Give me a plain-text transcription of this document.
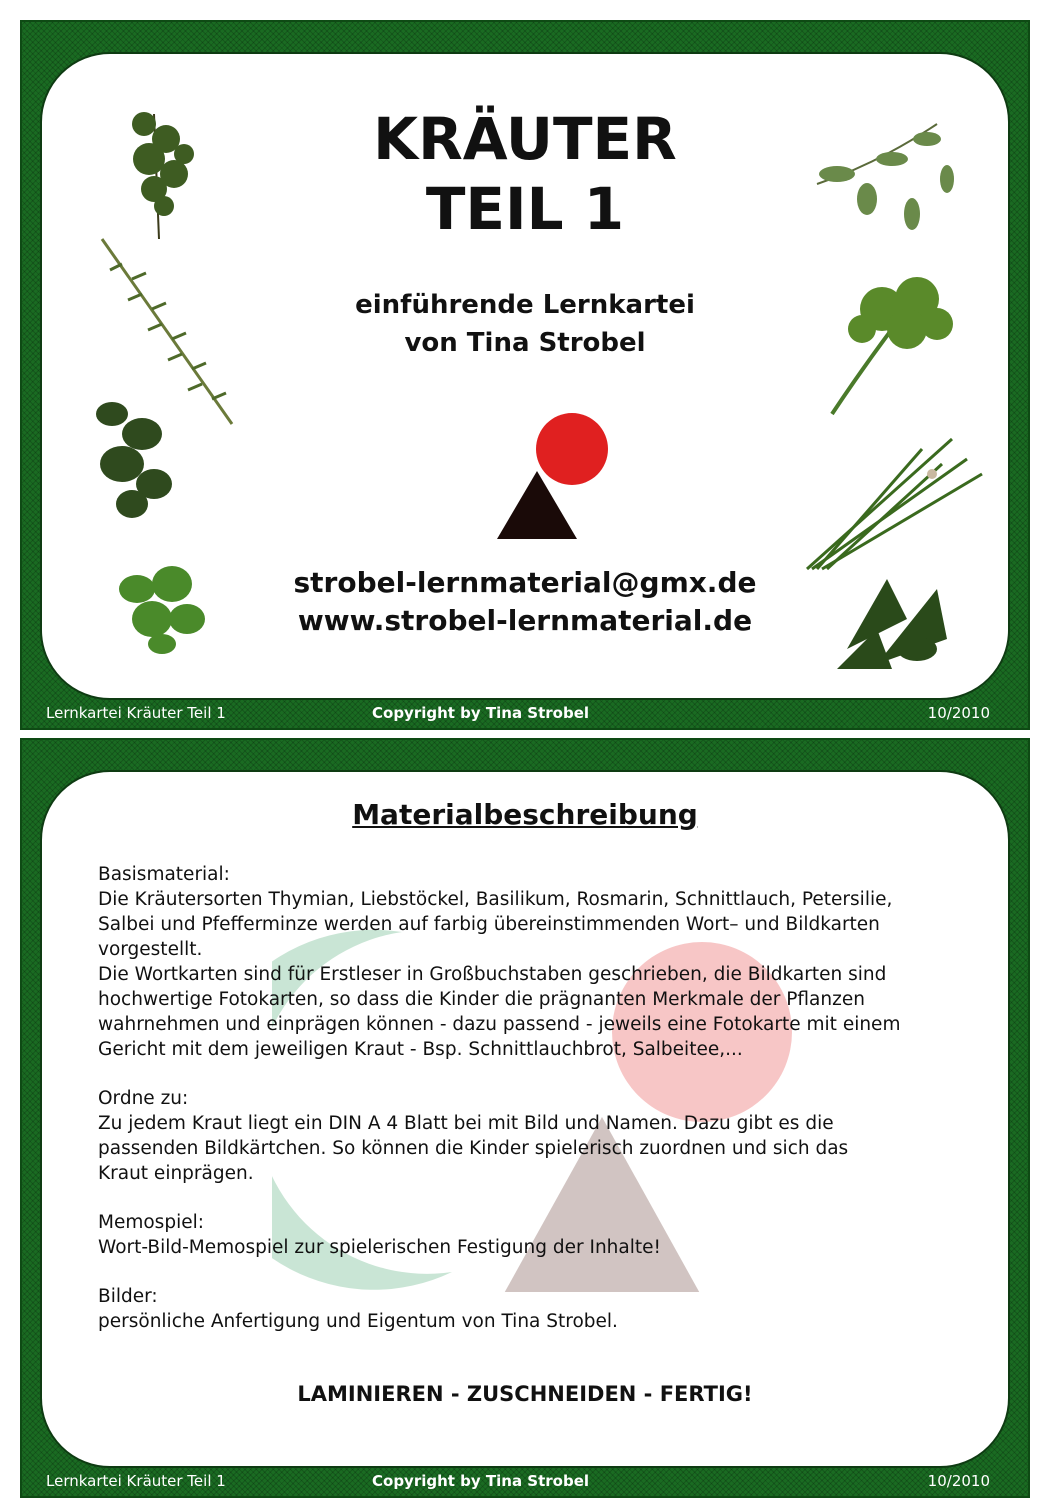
KRÄUTER
TEIL 1
einführende Lernkartei
von Tina Strobel
strobel-lernmaterial@gmx.de
www.strobel-lernmaterial.de
Lernkartei Kräuter Teil 1	Copyright by Tina Strobel	10/2010
Materialbeschreibung

Basismaterial:
Die Kräutersorten Thymian, Liebstöckel, Basilikum, Rosmarin, Schnittlauch, Petersilie,
Salbei und Pfefferminze werden auf farbig übereinstimmenden Wort– und Bildkarten
vorgestellt.
Die Wortkarten sind für Erstleser in Großbuchstaben geschrieben, die Bildkarten sind
hochwertige Fotokarten, so dass die Kinder die prägnanten Merkmale der Pflanzen
wahrnehmen und einprägen können - dazu passend - jeweils eine Fotokarte mit einem
Gericht mit dem jeweiligen Kraut - Bsp. Schnittlauchbrot, Salbeitee,...

Ordne zu:
Zu jedem Kraut liegt ein DIN A 4 Blatt bei mit Bild und Namen. Dazu gibt es die
passenden Bildkärtchen. So können die Kinder spielerisch zuordnen und sich das
Kraut einprägen.

Memospiel:
Wort-Bild-Memospiel zur spielerischen Festigung der Inhalte!

Bilder:
persönliche Anfertigung und Eigentum von Tina Strobel.

LAMINIEREN - ZUSCHNEIDEN - FERTIG!
Lernkartei Kräuter Teil 1	Copyright by Tina Strobel	10/2010
